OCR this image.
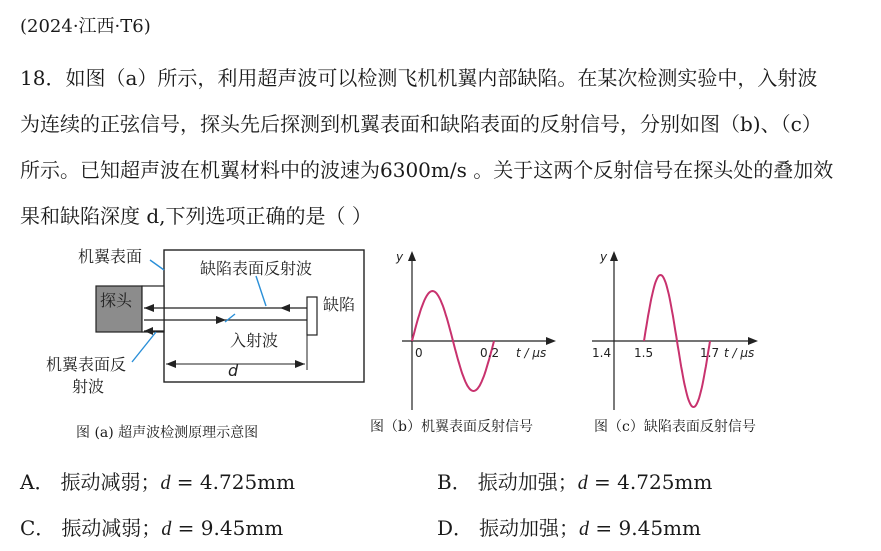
(2024·江西·T6)
18．如图（a）所示，利用超声波可以检测飞机机翼内部缺陷。在某次检测实验中，入射波
为连续的正弦信号，探头先后探测到机翼表面和缺陷表面的反射信号，分别如图（b)、（c）
所示。已知超声波在机翼材料中的波速为6300m/s 。关于这两个反射信号在探头处的叠加效
果和缺陷深度 d,下列选项正确的是（ ）
机翼表面
缺陷表面反射波
探头	缺陷
入射波
机翼表面反
射波
d
图 (a) 超声波检测原理示意图
y
0	0.2 t / μs
图（b）机翼表面反射信号
y
1.4 1.5	1.7 t / μs
图（c）缺陷表面反射信号
A． 振动减弱；d = 4.725mm	B． 振动加强；d = 4.725mm
C． 振动减弱；d = 9.45mm	D． 振动加强；d = 9.45mm
